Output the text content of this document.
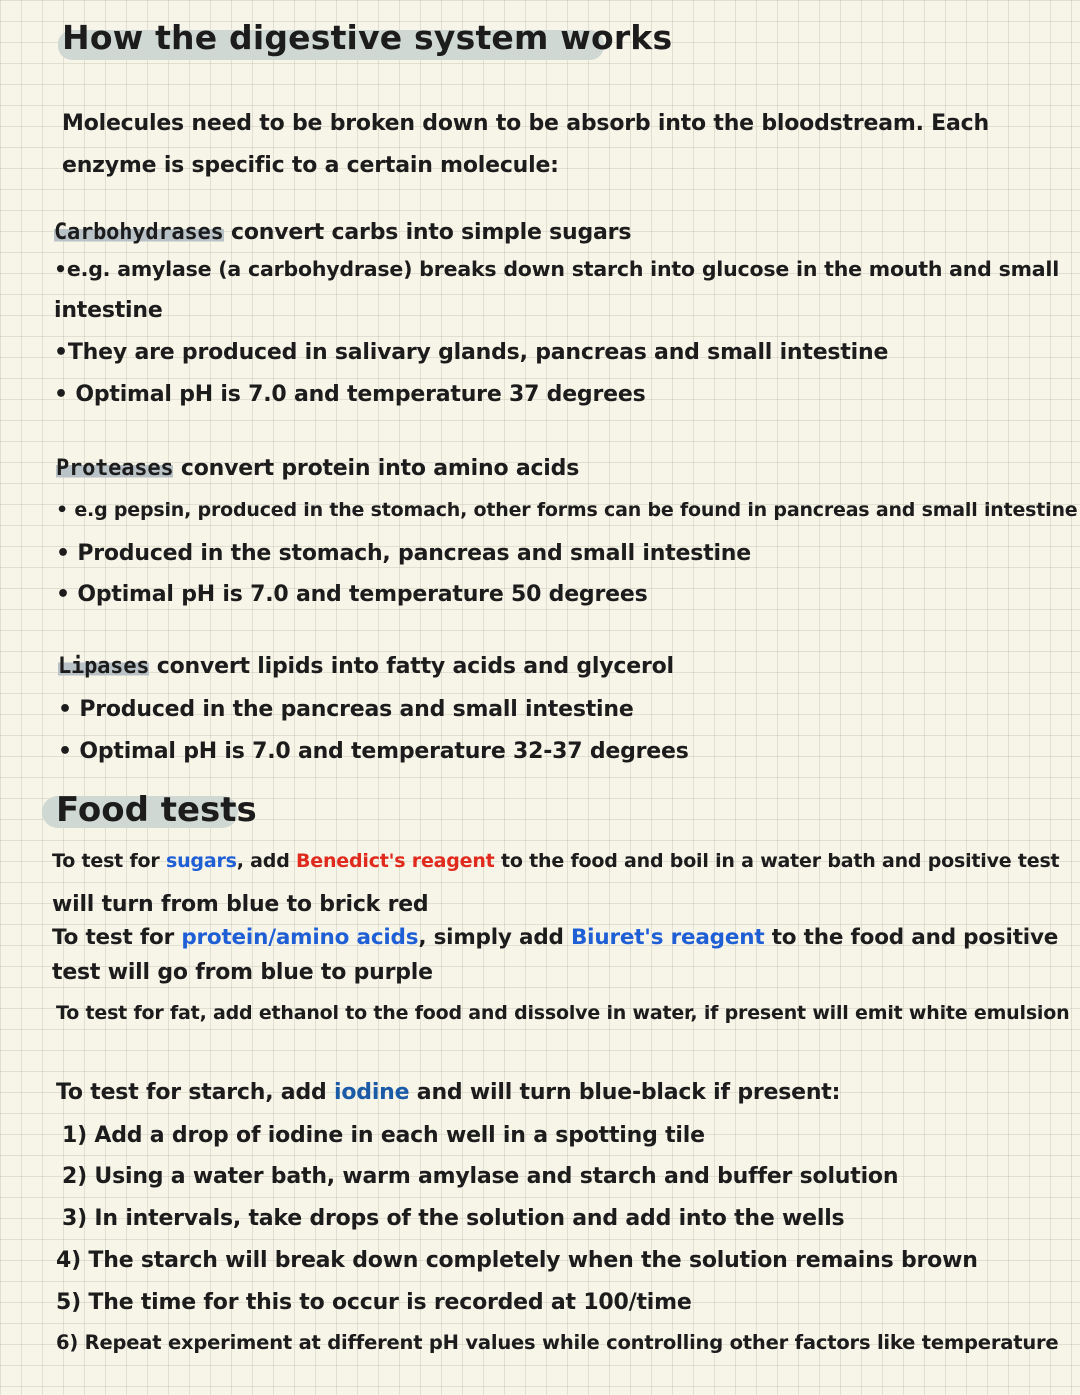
How the digestive system works
Molecules need to be broken down to be absorb into the bloodstream. Each
enzyme is specific to a certain molecule:
Carbohydrases convert carbs into simple sugars
•e.g. amylase (a carbohydrase) breaks down starch into glucose in the mouth and small
intestine
•They are produced in salivary glands, pancreas and small intestine
• Optimal pH is 7.0 and temperature 37 degrees
Proteases convert protein into amino acids
• e.g pepsin, produced in the stomach, other forms can be found in pancreas and small intestine
• Produced in the stomach, pancreas and small intestine
• Optimal pH is 7.0 and temperature 50 degrees
Lipases convert lipids into fatty acids and glycerol
• Produced in the pancreas and small intestine
• Optimal pH is 7.0 and temperature 32-37 degrees
Food tests
To test for sugars, add Benedict's reagent to the food and boil in a water bath and positive test
will turn from blue to brick red
To test for protein/amino acids, simply add Biuret's reagent to the food and positive
test will go from blue to purple
To test for fat, add ethanol to the food and dissolve in water, if present will emit white emulsion
To test for starch, add iodine and will turn blue-black if present:
1) Add a drop of iodine in each well in a spotting tile
2) Using a water bath, warm amylase and starch and buffer solution
3) In intervals, take drops of the solution and add into the wells
4) The starch will break down completely when the solution remains brown
5) The time for this to occur is recorded at 100/time
6) Repeat experiment at different pH values while controlling other factors like temperature
